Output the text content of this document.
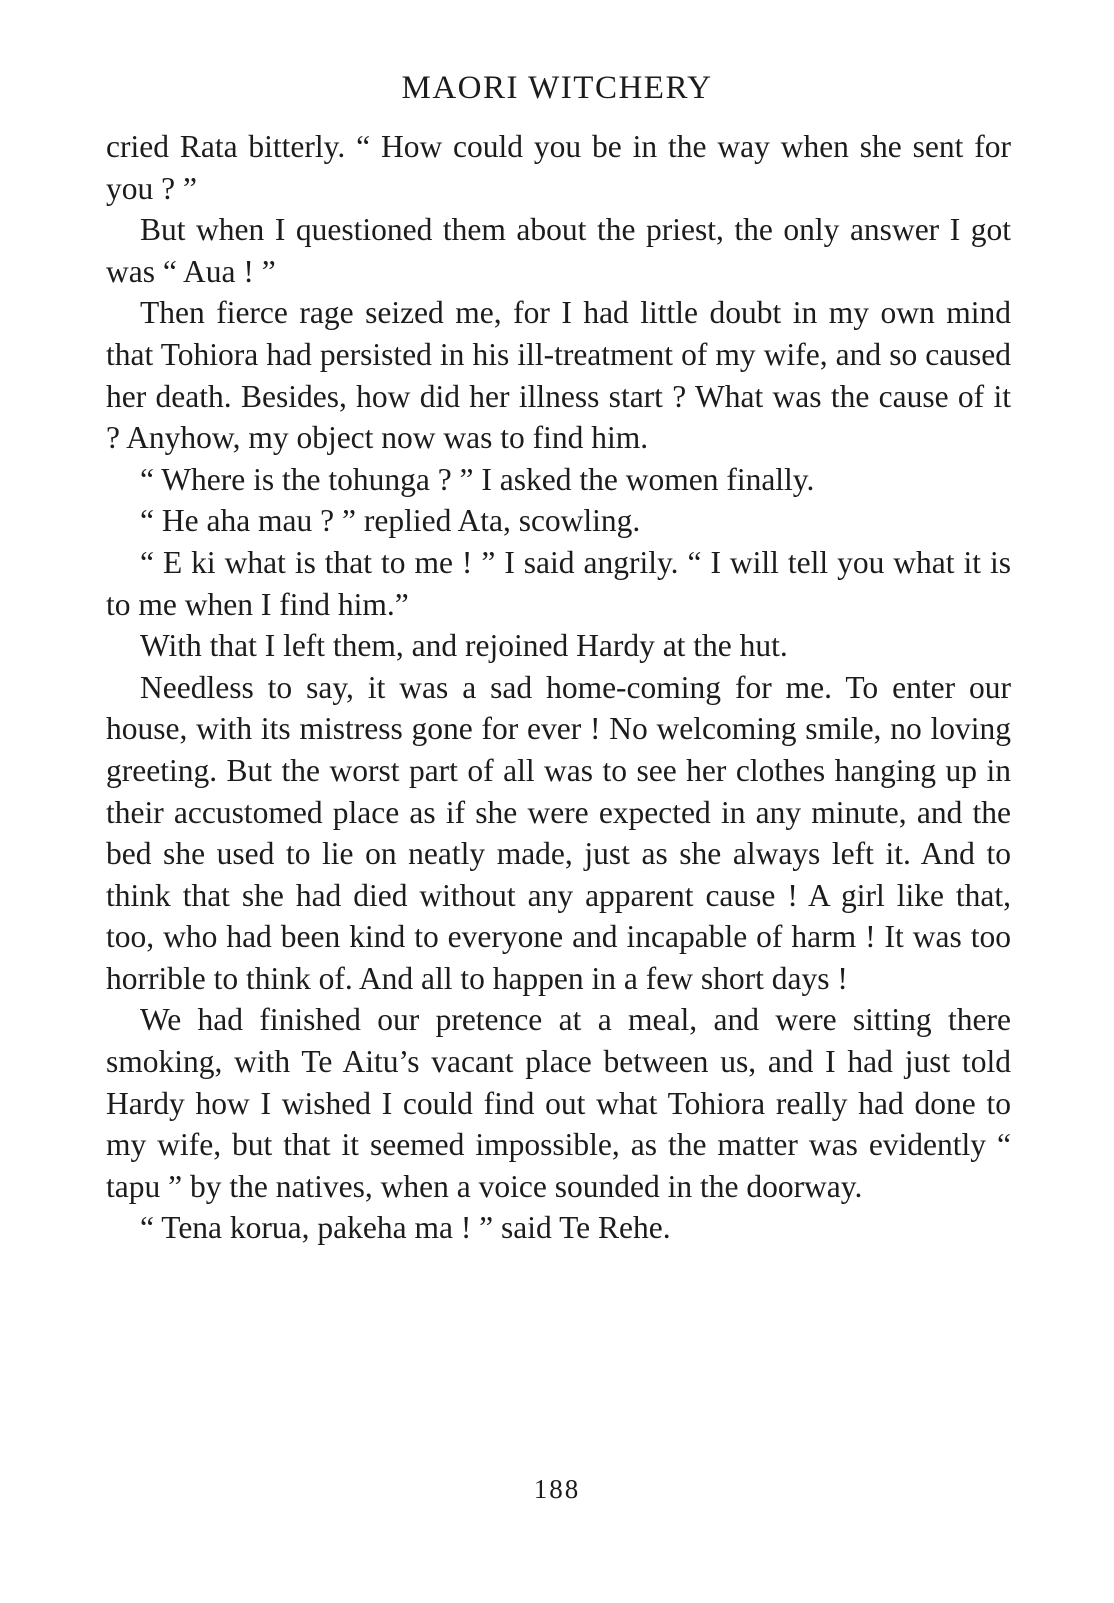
MAORI WITCHERY

cried Rata bitterly. “ How could you be in the way when she sent for you ? ”

But when I questioned them about the priest, the only answer I got was “ Aua ! ”

Then fierce rage seized me, for I had little doubt in my own mind that Tohiora had persisted in his ill-treatment of my wife, and so caused her death. Besides, how did her illness start ? What was the cause of it ? Anyhow, my object now was to find him.

“ Where is the tohunga ? ” I asked the women finally.

“ He aha mau ? ” replied Ata, scowling.

“ E ki what is that to me ! ” I said angrily. “ I will tell you what it is to me when I find him.”

With that I left them, and rejoined Hardy at the hut.

Needless to say, it was a sad home-coming for me. To enter our house, with its mistress gone for ever ! No welcoming smile, no loving greeting. But the worst part of all was to see her clothes hanging up in their accustomed place as if she were expected in any minute, and the bed she used to lie on neatly made, just as she always left it. And to think that she had died without any apparent cause ! A girl like that, too, who had been kind to everyone and incapable of harm ! It was too horrible to think of. And all to happen in a few short days !

We had finished our pretence at a meal, and were sitting there smoking, with Te Aitu’s vacant place between us, and I had just told Hardy how I wished I could find out what Tohiora really had done to my wife, but that it seemed impossible, as the matter was evidently “ tapu ” by the natives, when a voice sounded in the doorway.

“ Tena korua, pakeha ma ! ” said Te Rehe.

188
